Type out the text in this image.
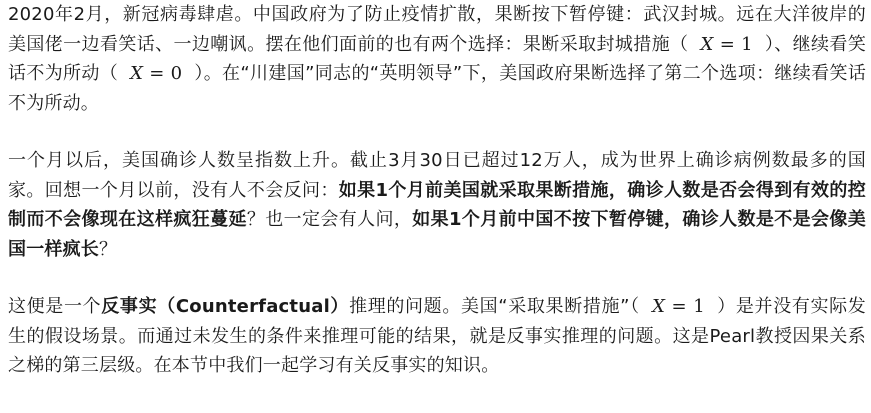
2020年2月，新冠病毒肆虐。中国政府为了防止疫情扩散，果断按下暂停键：武汉封城。远在大洋彼岸的美国佬一边看笑话、一边嘲讽。摆在他们面前的也有两个选择：果断采取封城措施（ X = 1 ）、继续看笑话不为所动（ X = 0 ）。在“川建国”同志的“英明领导”下，美国政府果断选择了第二个选项：继续看笑话不为所动。

一个月以后，美国确诊人数呈指数上升。截止3月30日已超过12万人，成为世界上确诊病例数最多的国家。回想一个月以前，没有人不会反问：如果1个月前美国就采取果断措施，确诊人数是否会得到有效的控制而不会像现在这样疯狂蔓延？也一定会有人问，如果1个月前中国不按下暂停键，确诊人数是不是会像美国一样疯长？

这便是一个反事实（Counterfactual）推理的问题。美国“采取果断措施”（ X = 1 ）是并没有实际发生的假设场景。而通过未发生的条件来推理可能的结果，就是反事实推理的问题。这是Pearl教授因果关系之梯的第三层级。在本节中我们一起学习有关反事实的知识。
